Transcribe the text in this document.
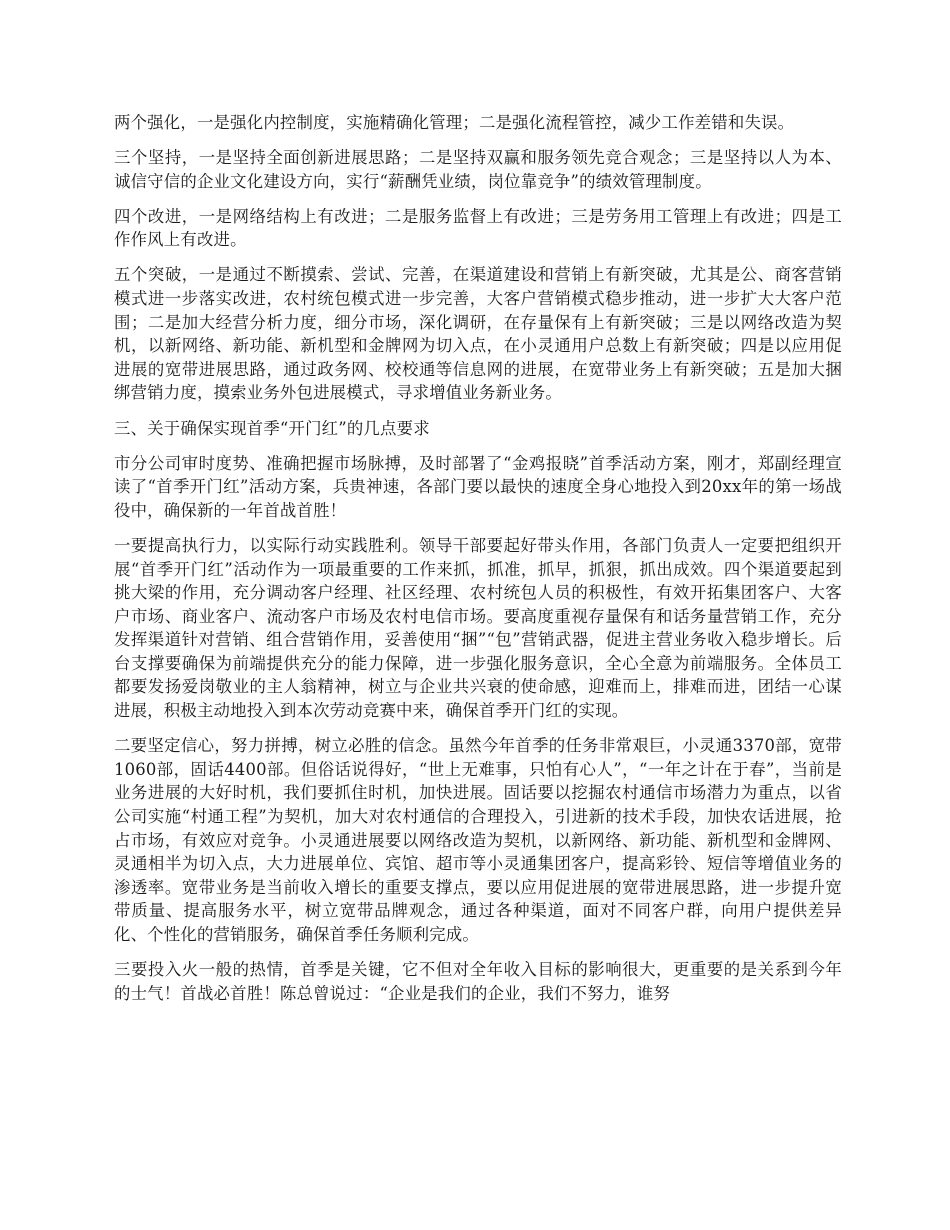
两个强化，一是强化内控制度，实施精确化管理；二是强化流程管控，减少工作差错和失误。

三个坚持，一是坚持全面创新进展思路；二是坚持双赢和服务领先竞合观念；三是坚持以人为本、诚信守信的企业文化建设方向，实行“薪酬凭业绩，岗位靠竞争”的绩效管理制度。

四个改进，一是网络结构上有改进；二是服务监督上有改进；三是劳务用工管理上有改进；四是工作作风上有改进。

五个突破，一是通过不断摸索、尝试、完善，在渠道建设和营销上有新突破，尤其是公、商客营销模式进一步落实改进，农村统包模式进一步完善，大客户营销模式稳步推动，进一步扩大大客户范围；二是加大经营分析力度，细分市场，深化调研，在存量保有上有新突破；三是以网络改造为契机，以新网络、新功能、新机型和金牌网为切入点，在小灵通用户总数上有新突破；四是以应用促进展的宽带进展思路，通过政务网、校校通等信息网的进展，在宽带业务上有新突破；五是加大捆绑营销力度，摸索业务外包进展模式，寻求增值业务新业务。

三、关于确保实现首季“开门红”的几点要求

市分公司审时度势、准确把握市场脉搏，及时部署了“金鸡报晓”首季活动方案，刚才，郑副经理宣读了“首季开门红”活动方案，兵贵神速，各部门要以最快的速度全身心地投入到20xx年的第一场战役中，确保新的一年首战首胜！

一要提高执行力，以实际行动实践胜利。领导干部要起好带头作用，各部门负责人一定要把组织开展“首季开门红”活动作为一项最重要的工作来抓，抓准，抓早，抓狠，抓出成效。四个渠道要起到挑大梁的作用，充分调动客户经理、社区经理、农村统包人员的积极性，有效开拓集团客户、大客户市场、商业客户、流动客户市场及农村电信市场。要高度重视存量保有和话务量营销工作，充分发挥渠道针对营销、组合营销作用，妥善使用“捆”“包”营销武器，促进主营业务收入稳步增长。后台支撑要确保为前端提供充分的能力保障，进一步强化服务意识，全心全意为前端服务。全体员工都要发扬爱岗敬业的主人翁精神，树立与企业共兴衰的使命感，迎难而上，排难而进，团结一心谋进展，积极主动地投入到本次劳动竞赛中来，确保首季开门红的实现。

二要坚定信心，努力拼搏，树立必胜的信念。虽然今年首季的任务非常艰巨，小灵通3370部，宽带1060部，固话4400部。但俗话说得好，“世上无难事，只怕有心人”，“一年之计在于春”，当前是业务进展的大好时机，我们要抓住时机，加快进展。固话要以挖掘农村通信市场潜力为重点，以省公司实施“村通工程”为契机，加大对农村通信的合理投入，引进新的技术手段，加快农话进展，抢占市场，有效应对竞争。小灵通进展要以网络改造为契机，以新网络、新功能、新机型和金牌网、灵通相半为切入点，大力进展单位、宾馆、超市等小灵通集团客户，提高彩铃、短信等增值业务的渗透率。宽带业务是当前收入增长的重要支撑点，要以应用促进展的宽带进展思路，进一步提升宽带质量、提高服务水平，树立宽带品牌观念，通过各种渠道，面对不同客户群，向用户提供差异化、个性化的营销服务，确保首季任务顺利完成。

三要投入火一般的热情，首季是关键，它不但对全年收入目标的影响很大，更重要的是关系到今年的士气！首战必首胜！陈总曾说过：“企业是我们的企业，我们不努力，谁努
